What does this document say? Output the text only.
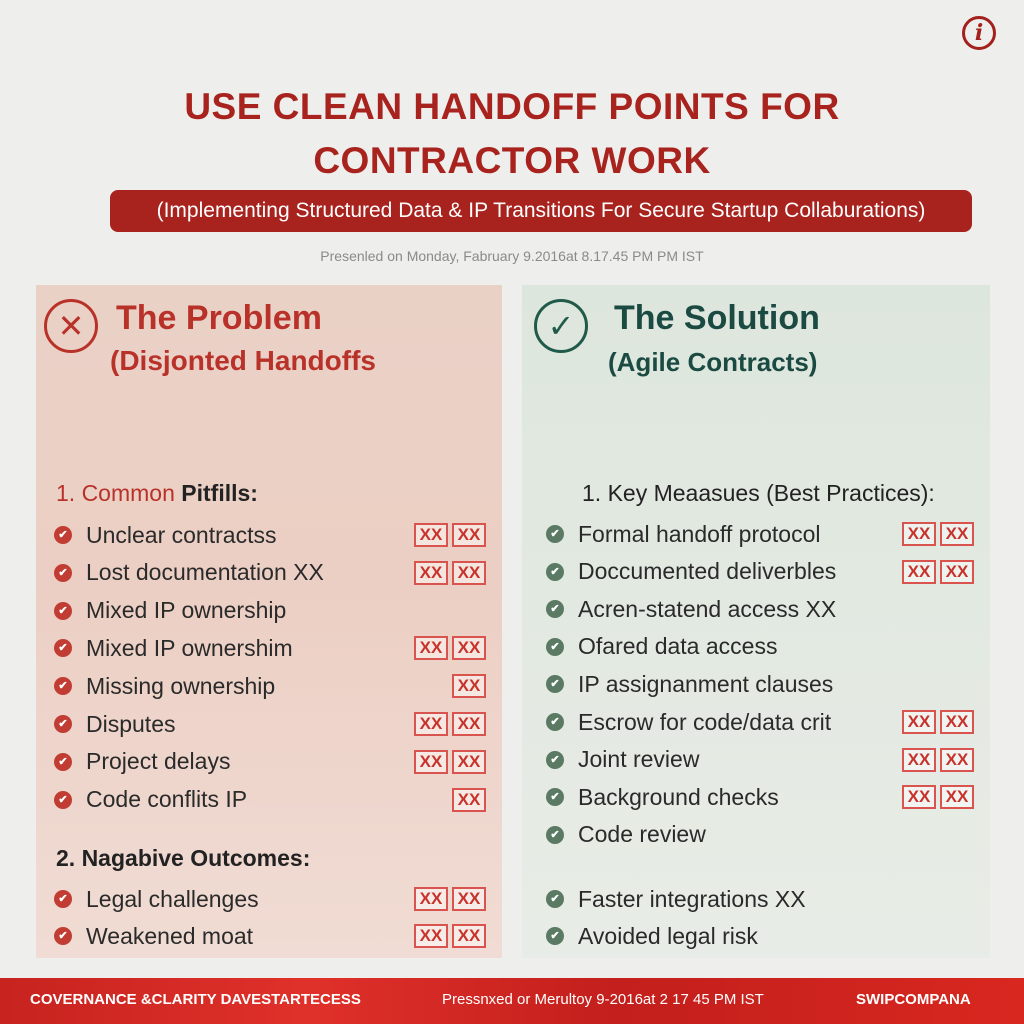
i
USE CLEAN HANDOFF POINTS FOR
CONTRACTOR WORK
(Implementing Structured Data & IP Transitions For Secure Startup Collaburations)
Presenled on Monday, Fabruary 9.2016at 8.17.45 PM PM IST
✕ The Problem
(Disjonted Handoffs
1. Common Pitfills:
✔ Unclear contractss	XX XX
✔ Lost documentation XX	XX XX
✔ Mixed IP ownership
✔ Mixed IP ownershim	XX XX
✔ Missing ownership	XX
✔ Disputes	XX XX
✔ Project delays	XX XX
✔ Code conflits IP	XX
2. Nagabive Outcomes:
✔ Legal challenges	XX XX
✔ Weakened moat	XX XX
✓	The Solution
(Agile Contracts)
1. Key Meaasues (Best Practices):
✔ Formal handoff protocol	XX XX
✔ Doccumented deliverbles	XX XX
✔ Acren-statend access XX
✔ Ofared data access
✔ IP assignanment clauses
✔ Escrow for code/data crit	XX XX
✔ Joint review	XX XX
✔ Background checks	XX XX
✔ Code review
✔ Faster integrations XX
✔ Avoided legal risk
COVERNANCE &CLARITY DAVESTARTECESS	Pressnxed or Merultoy 9-2016at 2 17 45 PM IST	SWIPCOMPANA
